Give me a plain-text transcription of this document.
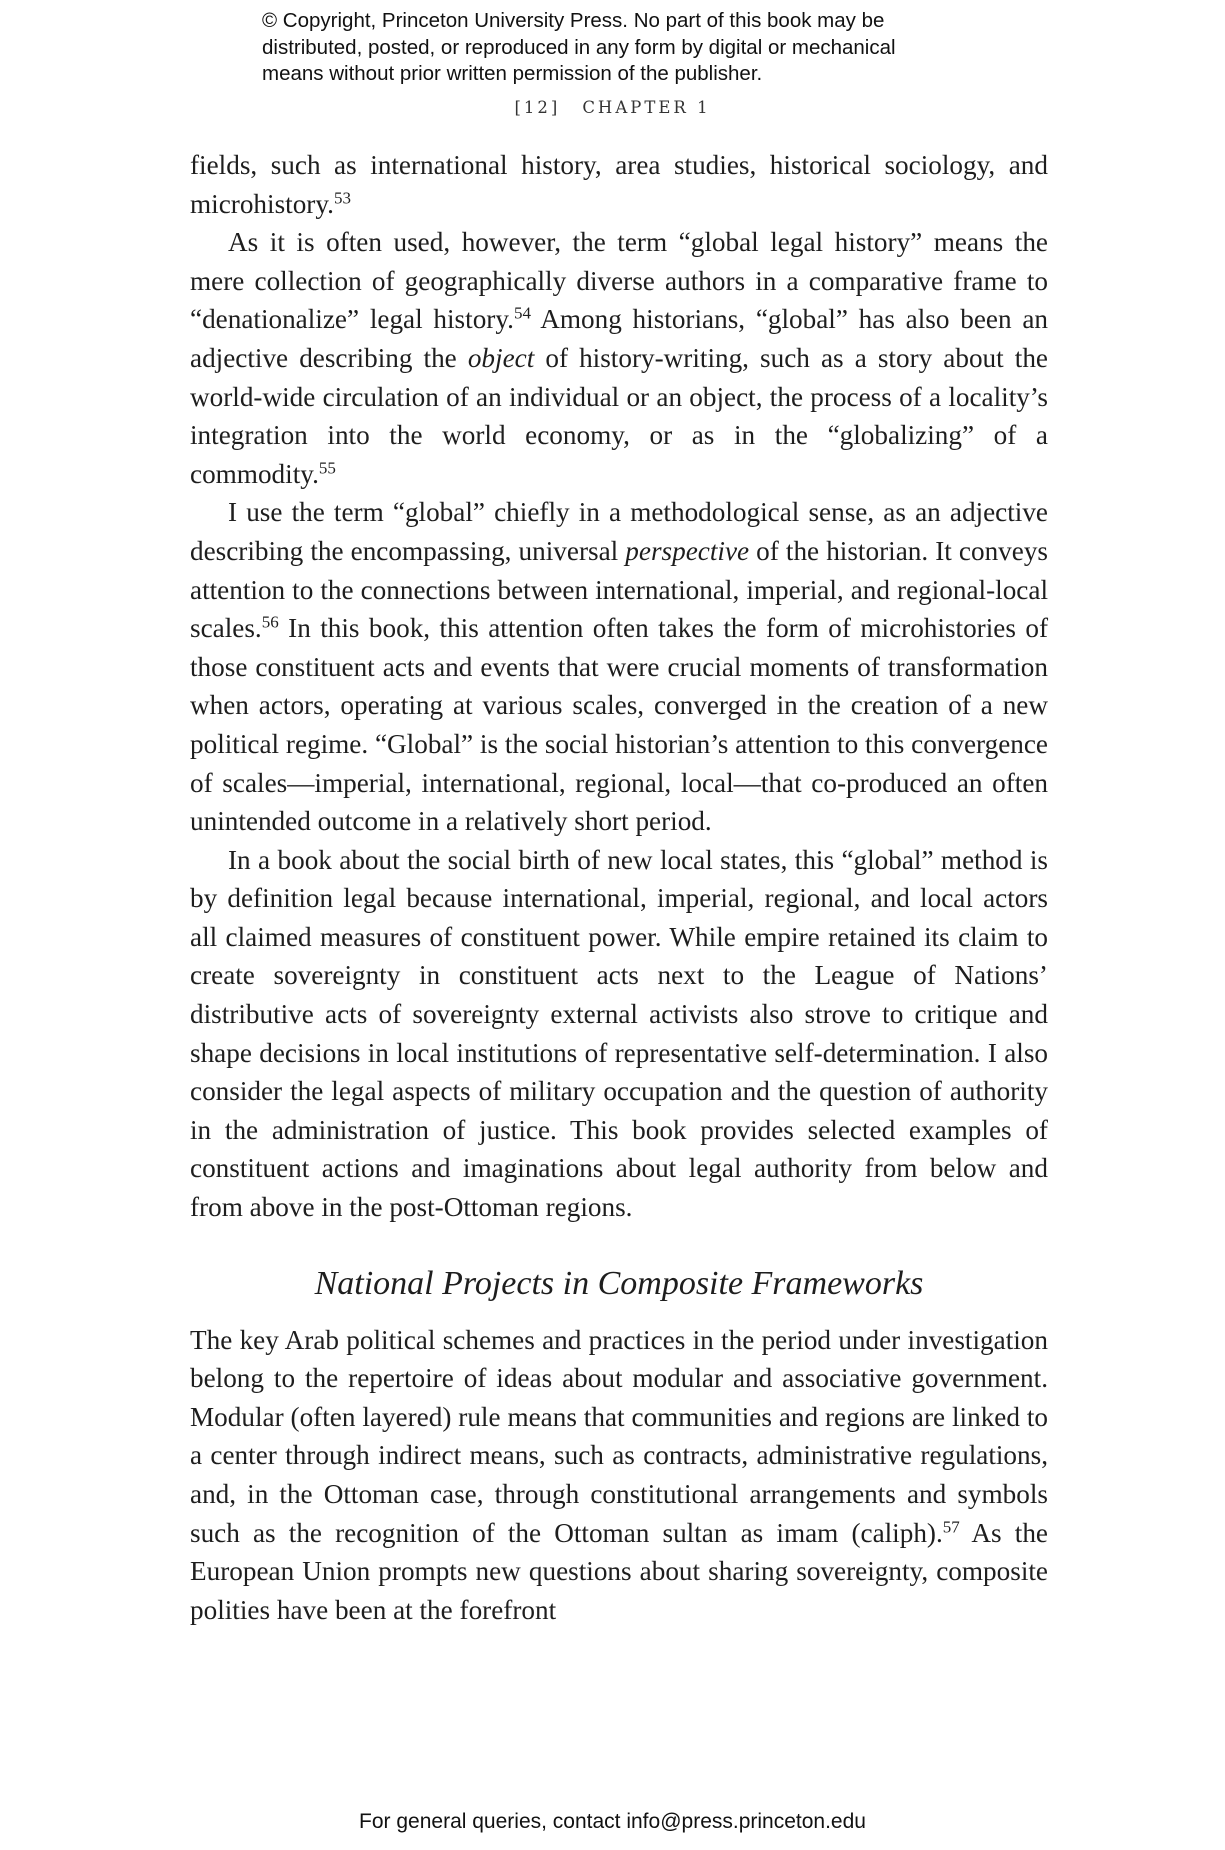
© Copyright, Princeton University Press. No part of this book may be
distributed, posted, or reproduced in any form by digital or mechanical
means without prior written permission of the publisher.
[12] CHAPTER 1

fields, such as international history, area studies, historical sociology, and microhistory.$^{53}$

As it is often used, however, the term “global legal history” means the mere collection of geographically diverse authors in a comparative frame to “denationalize” legal history.$^{54}$ Among historians, “global” has also been an adjective describing the object of history-writing, such as a story about the world-wide circulation of an individual or an object, the process of a locality’s integration into the world economy, or as in the “globalizing” of a commodity.$^{55}$

I use the term “global” chiefly in a methodological sense, as an adjective describing the encompassing, universal perspective of the historian. It conveys attention to the connections between international, imperial, and regional-local scales.$^{56}$ In this book, this attention often takes the form of microhistories of those constituent acts and events that were crucial moments of transformation when actors, operating at various scales, converged in the creation of a new political regime. “Global” is the social historian’s attention to this convergence of scales—imperial, international, regional, local—that co-produced an often unintended outcome in a relatively short period.

In a book about the social birth of new local states, this “global” method is by definition legal because international, imperial, regional, and local actors all claimed measures of constituent power. While empire retained its claim to create sovereignty in constituent acts next to the League of Nations’ distributive acts of sovereignty external activists also strove to critique and shape decisions in local institutions of representative self-determination. I also consider the legal aspects of military occupation and the question of authority in the administration of justice. This book provides selected examples of constituent actions and imaginations about legal authority from below and from above in the post-Ottoman regions.

National Projects in Composite Frameworks

The key Arab political schemes and practices in the period under investigation belong to the repertoire of ideas about modular and associative government. Modular (often layered) rule means that communities and regions are linked to a center through indirect means, such as contracts, administrative regulations, and, in the Ottoman case, through constitutional arrangements and symbols such as the recognition of the Ottoman sultan as imam (caliph).$^{57}$ As the European Union prompts new questions about sharing sovereignty, composite polities have been at the forefront

For general queries, contact info@press.princeton.edu
